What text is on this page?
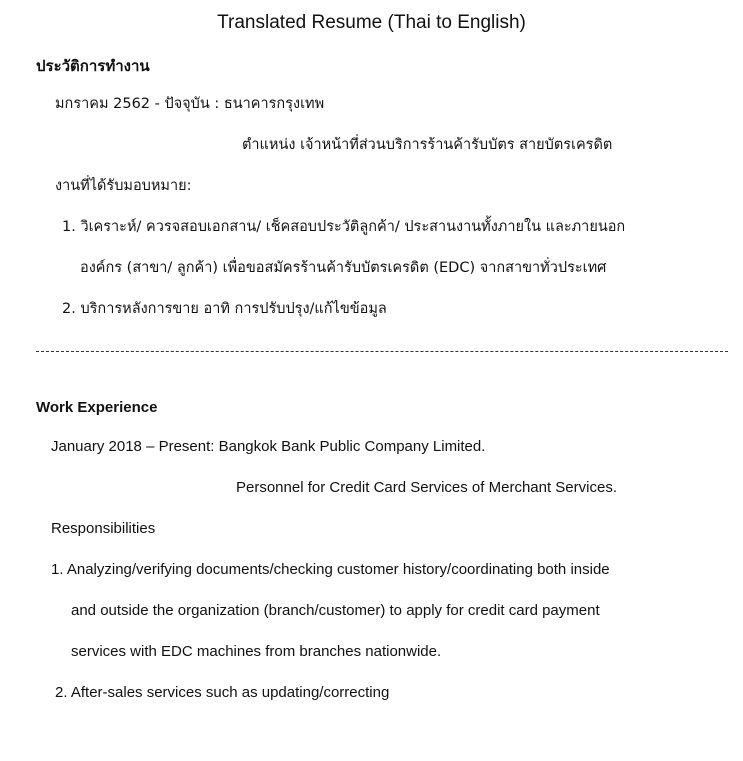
Translated Resume (Thai to English)
ประวัติการทำงาน
มกราคม 2562 - ปัจจุบัน : ธนาคารกรุงเทพ
ตำแหน่ง เจ้าหน้าที่ส่วนบริการร้านค้ารับบัตร สายบัตรเครดิต
งานที่ได้รับมอบหมาย:
1. วิเคราะห์/ ควรจสอบเอกสาน/ เช็คสอบประวัติลูกค้า/ ประสานงานทั้งภายใน และภายนอก
องค์กร (สาขา/ ลูกค้า) เพื่อขอสมัครร้านค้ารับบัตรเครดิต (EDC) จากสาขาทั่วประเทศ
2. บริการหลังการขาย อาทิ การปรับปรุง/แก้ไขข้อมูล
Work Experience
January 2018 – Present: Bangkok Bank Public Company Limited.
Personnel for Credit Card Services of Merchant Services.
Responsibilities
1. Analyzing/verifying documents/checking customer history/coordinating both inside
and outside the organization (branch/customer) to apply for credit card payment
services with EDC machines from branches nationwide.
2. After-sales services such as updating/correcting
